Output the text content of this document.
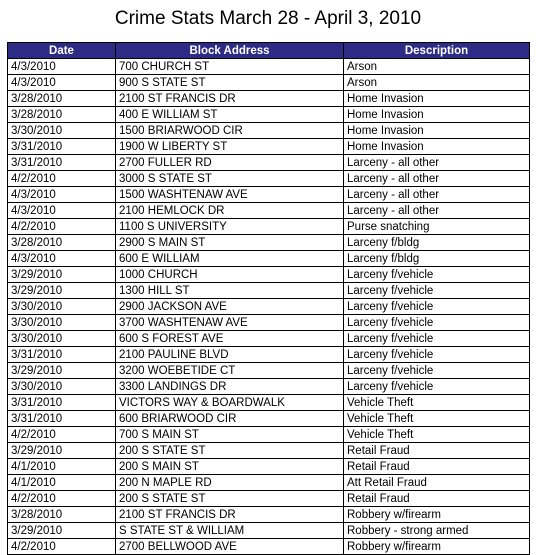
Crime Stats March 28 - April 3, 2010
Date	Block Address	Description
4/3/2010	700 CHURCH ST	Arson
4/3/2010	900 S STATE ST	Arson
3/28/2010	2100 ST FRANCIS DR	Home Invasion
3/28/2010	400 E WILLIAM ST	Home Invasion
3/30/2010	1500 BRIARWOOD CIR	Home Invasion
3/31/2010	1900 W LIBERTY ST	Home Invasion
3/31/2010	2700 FULLER RD	Larceny - all other
4/2/2010	3000 S STATE ST	Larceny - all other
4/3/2010	1500 WASHTENAW AVE	Larceny - all other
4/3/2010	2100 HEMLOCK DR	Larceny - all other
4/2/2010	1100 S UNIVERSITY	Purse snatching
3/28/2010	2900 S MAIN ST	Larceny f/bldg
4/3/2010	600 E WILLIAM	Larceny f/bldg
3/29/2010	1000 CHURCH	Larceny f/vehicle
3/29/2010	1300 HILL ST	Larceny f/vehicle
3/30/2010	2900 JACKSON AVE	Larceny f/vehicle
3/30/2010	3700 WASHTENAW AVE	Larceny f/vehicle
3/30/2010	600 S FOREST AVE	Larceny f/vehicle
3/31/2010	2100 PAULINE BLVD	Larceny f/vehicle
3/29/2010	3200 WOEBETIDE CT	Larceny f/vehicle
3/30/2010	3300 LANDINGS DR	Larceny f/vehicle
3/31/2010	VICTORS WAY & BOARDWALK	Vehicle Theft
3/31/2010	600 BRIARWOOD CIR	Vehicle Theft
4/2/2010	700 S MAIN ST	Vehicle Theft
3/29/2010	200 S STATE ST	Retail Fraud
4/1/2010	200 S MAIN ST	Retail Fraud
4/1/2010	200 N MAPLE RD	Att Retail Fraud
4/2/2010	200 S STATE ST	Retail Fraud
3/28/2010	2100 ST FRANCIS DR	Robbery w/firearm
3/29/2010	S STATE ST & WILLIAM	Robbery - strong armed
4/2/2010	2700 BELLWOOD AVE	Robbery w/firearm
